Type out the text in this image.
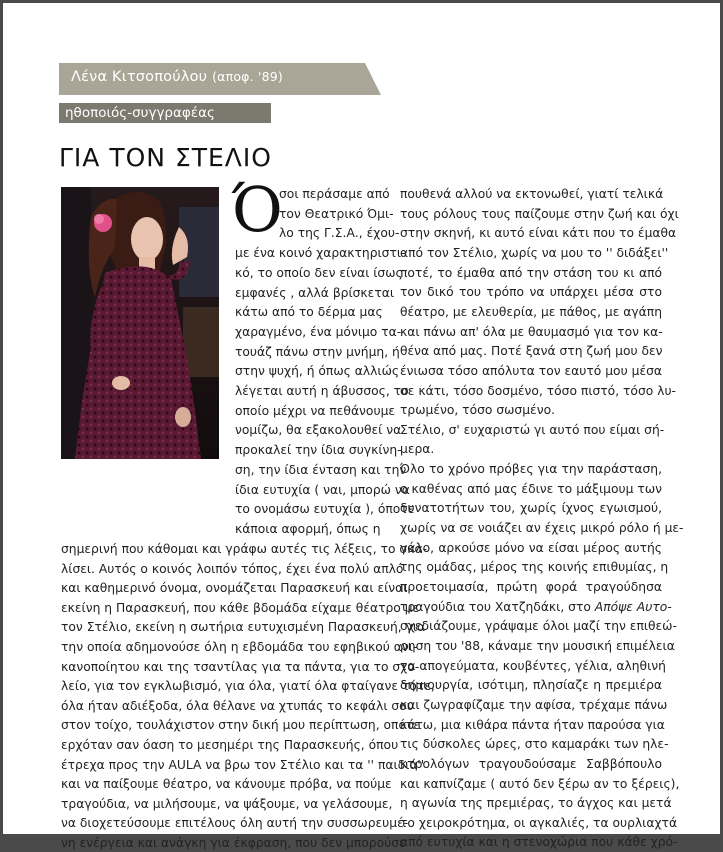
Λένα Κιτσοπούλου (αποφ. '89)
ηθοποιός-συγγραφέας
ΓΙΑ ΤΟΝ ΣΤΕΛΙΟ
Ό
σοι περάσαμε από
τον Θεατρικό Όμι-
λο της Γ.Σ.Α., έχου-
με ένα κοινό χαρακτηριστι-
κό, το οποίο δεν είναι ίσως
εμφανές , αλλά βρίσκεται
κάτω από το δέρμα μας
χαραγμένο, ένα μόνιμο τα-
τουάζ πάνω στην μνήμη, ή
στην ψυχή, ή όπως αλλιώς
λέγεται αυτή η άβυσσος, το
οποίο μέχρι να πεθάνουμε
νομίζω, θα εξακολουθεί να
προκαλεί την ίδια συγκίνη-
ση, την ίδια ένταση και την
ίδια ευτυχία ( ναι, μπορώ να
το ονομάσω ευτυχία ), όποτε
κάποια αφορμή, όπως η
σημερινή που κάθομαι και γράφω αυτές τις λέξεις, το σκα-
λίσει. Αυτός ο κοινός λοιπόν τόπος, έχει ένα πολύ απλό
και καθημερινό όνομα, ονομάζεται Παρασκευή και είναι
εκείνη η Παρασκευή, που κάθε βδομάδα είχαμε θέατρο με
τον Στέλιο, εκείνη η σωτήρια ευτυχισμένη Παρασκευή, για
την οποία αδημονούσε όλη η εβδομάδα του εφηβικού ανι-
κανοποίητου και της τσαντίλας για τα πάντα, για το σχο-
λείο, για τον εγκλωβισμό, για όλα, γιατί όλα φταίγανε τότε,
όλα ήταν αδιέξοδα, όλα θέλανε να χτυπάς το κεφάλι σου
στον τοίχο, τουλάχιστον στην δική μου περίπτωση, οπότε
ερχόταν σαν όαση το μεσημέρι της Παρασκευής, όπου
έτρεχα προς την AULA να βρω τον Στέλιο και τα '' παιδιά''
και να παίξουμε θέατρο, να κάνουμε πρόβα, να πούμε
τραγούδια, να μιλήσουμε, να ψάξουμε, να γελάσουμε,
να διοχετεύσουμε επιτέλους όλη αυτή την συσσωρευμέ-
νη ενέργεια και ανάγκη για έκφραση, που δεν μπορούσε
πουθενά αλλού να εκτονωθεί, γιατί τελικά
τους ρόλους τους παίζουμε στην ζωή και όχι
στην σκηνή, κι αυτό είναι κάτι που το έμαθα
από τον Στέλιο, χωρίς να μου το '' διδάξει''
ποτέ, το έμαθα από την στάση του κι από
τον δικό του τρόπο να υπάρχει μέσα στο
θέατρο, με ελευθερία, με πάθος, με αγάπη
και πάνω απ' όλα με θαυμασμό για τον κα-
θένα από μας. Ποτέ ξανά στη ζωή μου δεν
ένιωσα τόσο απόλυτα τον εαυτό μου μέσα
σε κάτι, τόσο δοσμένο, τόσο πιστό, τόσο λυ-
τρωμένο, τόσο σωσμένο.
Στέλιο, σ' ευχαριστώ γι αυτό που είμαι σή-
μερα.
Όλο το χρόνο πρόβες για την παράσταση,
ο καθένας από μας έδινε το μάξιμουμ των
δυνατοτήτων του, χωρίς ίχνος εγωισμού,
χωρίς να σε νοιάζει αν έχεις μικρό ρόλο ή με-
γάλο, αρκούσε μόνο να είσαι μέρος αυτής
της ομάδας, μέρος της κοινής επιθυμίας, η
προετοιμασία, πρώτη φορά τραγούδησα
τραγούδια του Χατζηδάκι, στο Απόψε Αυτο-
σχεδιάζουμε, γράψαμε όλοι μαζί την επιθεώ-
ρηση του '88, κάναμε την μουσική επιμέλεια
τα απογεύματα, κουβέντες, γέλια, αληθινή
δημιουργία, ισότιμη, πλησίαζε η πρεμιέρα
και ζωγραφίζαμε την αφίσα, τρέχαμε πάνω
κάτω, μια κιθάρα πάντα ήταν παρούσα για
τις δύσκολες ώρες, στο καμαράκι των ηλε-
κτρολόγων τραγουδούσαμε Σαββόπουλο
και καπνίζαμε ( αυτό δεν ξέρω αν το ξέρεις),
η αγωνία της πρεμιέρας, το άγχος και μετά
το χειροκρότημα, οι αγκαλιές, τα ουρλιαχτά
από ευτυχία και η στενοχώρια που κάθε χρό-
